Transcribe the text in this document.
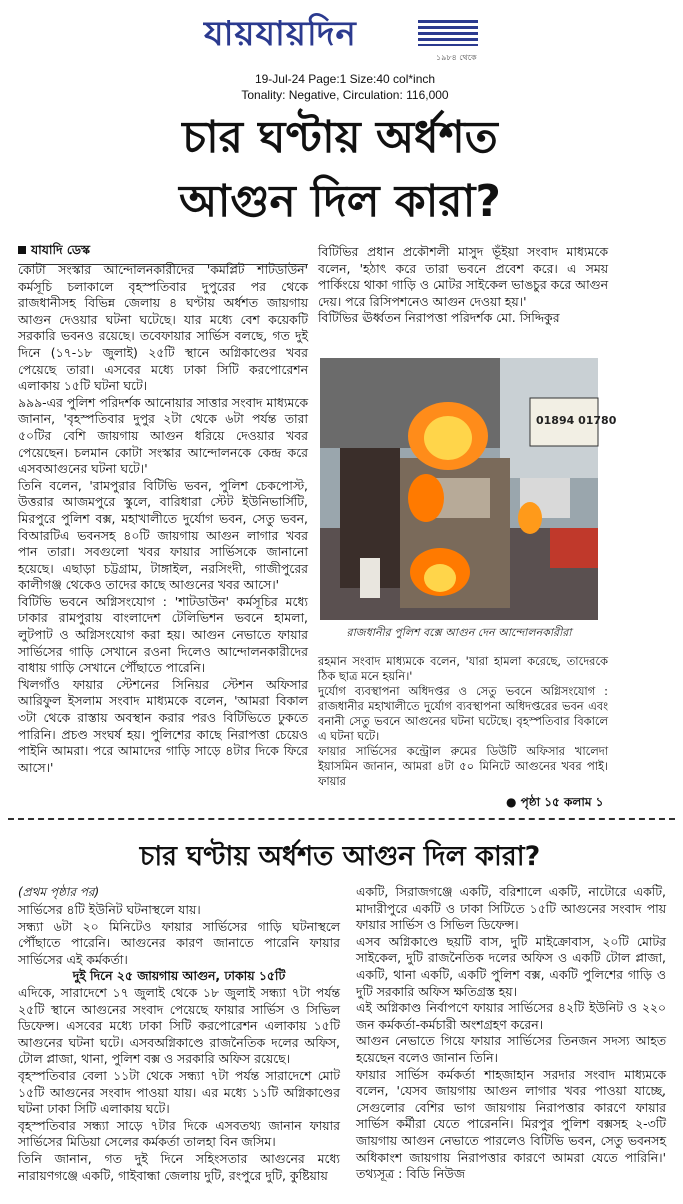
যায়যায়দিন
১৯৮৪ থেকে
19-Jul-24 Page:1 Size:40 col*inch
Tonality: Negative, Circulation: 116,000
চার ঘণ্টায় অর্ধশত
আগুন দিল কারা?
যাযাদি ডেস্ক

কোটা সংস্কার আন্দোলনকারীদের 'কমপ্লিট শাটডাউন' কর্মসূচি চলাকালে বৃহস্পতিবার দুপুরের পর থেকে রাজধানীসহ বিভিন্ন জেলায় ৪ ঘণ্টায় অর্ধশত জায়গায় আগুন দেওয়ার ঘটনা ঘটেছে। যার মধ্যে বেশ কয়েকটি সরকারি ভবনও রয়েছে। তবেফায়ার সার্ভিস বলছে, গত দুই দিনে (১৭-১৮ জুলাই) ২৫টি স্থানে অগ্নিকাণ্ডের খবর পেয়েছে তারা। এসবের মধ্যে ঢাকা সিটি করপোরেশন এলাকায় ১৫টি ঘটনা ঘটে।

৯৯৯-এর পুলিশ পরিদর্শক আনোয়ার সাত্তার সংবাদ মাধ্যমকে জানান, 'বৃহস্পতিবার দুপুর ২টা থেকে ৬টা পর্যন্ত তারা ৫০টির বেশি জায়গায় আগুন ধরিয়ে দেওয়ার খবর পেয়েছেন। চলমান কোটা সংস্কার আন্দোলনকে কেন্দ্র করে এসবআগুনের ঘটনা ঘটে।'

তিনি বলেন, 'রামপুরার বিটিভি ভবন, পুলিশ চেকপোস্ট, উত্তরার আজমপুরে স্কুলে, বারিধারা স্টেট ইউনিভার্সিটি, মিরপুরে পুলিশ বক্স, মহাখালীতে দুর্যোগ ভবন, সেতু ভবন, বিআরটিএ ভবনসহ ৪০টি জায়গায় আগুন লাগার খবর পান তারা। সবগুলো খবর ফায়ার সার্ভিসকে জানানো হয়েছে। এছাড়া চট্টগ্রাম, টাঙ্গাইল, নরসিংদী, গাজীপুরের কালীগঞ্জ থেকেও তাদের কাছে আগুনের খবর আসে।'

বিটিভি ভবনে অগ্নিসংযোগ : 'শাটডাউন' কর্মসূচির মধ্যে ঢাকার রামপুরায় বাংলাদেশ টেলিভিশন ভবনে হামলা, লুটপাট ও অগ্নিসংযোগ করা হয়। আগুন নেভাতে ফায়ার সার্ভিসের গাড়ি সেখানে রওনা দিলেও আন্দোলনকারীদের বাধায় গাড়ি সেখানে পৌঁছাতে পারেনি।

খিলগাঁও ফায়ার স্টেশনের সিনিয়র স্টেশন অফিসার আরিফুল ইসলাম সংবাদ মাধ্যমকে বলেন, 'আমরা বিকাল ৩টা থেকে রাস্তায় অবস্থান করার পরও বিটিভিতে ঢুকতে পারিনি। প্রচণ্ড সংঘর্ষ হয়। পুলিশের কাছে নিরাপত্তা চেয়েও পাইনি আমরা। পরে আমাদের গাড়ি সাড়ে ৪টার দিকে ফিরে আসে।'

বিটিভির প্রধান প্রকৌশলী মাসুদ ভূঁইয়া সংবাদ মাধ্যমকে বলেন, 'হঠাৎ করে তারা ভবনে প্রবেশ করে। এ সময় পার্কিংয়ে থাকা গাড়ি ও মোটর সাইকেল ভাঙচুর করে আগুন দেয়। পরে রিসিপশনেও আগুন দেওয়া হয়।'

বিটিভির ঊর্ধ্বতন নিরাপত্তা পরিদর্শক মো. সিদ্দিকুর

01894 01780
রাজধানীর পুলিশ বক্সে আগুন দেন আন্দোলনকারীরা

রহমান সংবাদ মাধ্যমকে বলেন, 'যারা হামলা করেছে, তাদেরকে ঠিক ছাত্র মনে হয়নি।'

দুর্যোগ ব্যবস্থাপনা অধিদপ্তর ও সেতু ভবনে অগ্নিসংযোগ : রাজধানীর মহাখালীতে দুর্যোগ ব্যবস্থাপনা অধিদপ্তরের ভবন এবং বনানী সেতু ভবনে আগুনের ঘটনা ঘটেছে। বৃহস্পতিবার বিকালে এ ঘটনা ঘটে।

ফায়ার সার্ভিসের কন্ট্রোল রুমের ডিউটি অফিসার খালেদা ইয়াসমিন জানান, আমরা ৪টা ৫০ মিনিটে আগুনের খবর পাই। ফায়ার

● পৃষ্ঠা ১৫ কলাম ১
চার ঘণ্টায় অর্ধশত আগুন দিল কারা?
(প্রথম পৃষ্ঠার পর)

সার্ভিসের ৪টি ইউনিট ঘটনাস্থলে যায়।

সন্ধ্যা ৬টা ২০ মিনিটেও ফায়ার সার্ভিসের গাড়ি ঘটনাস্থলে পৌঁছাতে পারেনি। আগুনের কারণ জানাতে পারেনি ফায়ার সার্ভিসের এই কর্মকর্তা।

দুই দিনে ২৫ জায়গায় আগুন, ঢাকায় ১৫টি

এদিকে, সারাদেশে ১৭ জুলাই থেকে ১৮ জুলাই সন্ধ্যা ৭টা পর্যন্ত ২৫টি স্থানে আগুনের সংবাদ পেয়েছে ফায়ার সার্ভিস ও সিভিল ডিফেন্স। এসবের মধ্যে ঢাকা সিটি করপোরেশন এলাকায় ১৫টি আগুনের ঘটনা ঘটে। এসবঅগ্নিকাণ্ডে রাজনৈতিক দলের অফিস, টোল প্লাজা, থানা, পুলিশ বক্স ও সরকারি অফিস রয়েছে।

বৃহস্পতিবার বেলা ১১টা থেকে সন্ধ্যা ৭টা পর্যন্ত সারাদেশে মোট ১৫টি আগুনের সংবাদ পাওয়া যায়। এর মধ্যে ১১টি অগ্নিকাণ্ডের ঘটনা ঢাকা সিটি এলাকায় ঘটে।

বৃহস্পতিবার সন্ধ্যা সাড়ে ৭টার দিকে এসবতথ্য জানান ফায়ার সার্ভিসের মিডিয়া সেলের কর্মকর্তা তালহা বিন জসিম।

তিনি জানান, গত দুই দিনে সহিংসতার আগুনের মধ্যে নারায়ণগঞ্জে একটি, গাইবান্ধা জেলায় দুটি, রংপুরে দুটি, কুষ্টিয়ায়

একটি, সিরাজগঞ্জে একটি, বরিশালে একটি, নাটোরে একটি, মাদারীপুরে একটি ও ঢাকা সিটিতে ১৫টি আগুনের সংবাদ পায় ফায়ার সার্ভিস ও সিভিল ডিফেন্স।

এসব অগ্নিকাণ্ডে ছয়টি বাস, দুটি মাইক্রোবাস, ২০টি মোটর সাইকেল, দুটি রাজনৈতিক দলের অফিস ও একটি টোল প্লাজা, একটি, থানা একটি, একটি পুলিশ বক্স, একটি পুলিশের গাড়ি ও দুটি সরকারি অফিস ক্ষতিগ্রস্ত হয়।

এই অগ্নিকাণ্ড নির্বাপণে ফায়ার সার্ভিসের ৪২টি ইউনিট ও ২২০ জন কর্মকর্তা-কর্মচারী অংশগ্রহণ করেন।

আগুন নেভাতে গিয়ে ফায়ার সার্ভিসের তিনজন সদস্য আহত হয়েছেন বলেও জানান তিনি।

ফায়ার সার্ভিস কর্মকর্তা শাহজাহান সরদার সংবাদ মাধ্যমকে বলেন, 'যেসব জায়গায় আগুন লাগার খবর পাওয়া যাচ্ছে, সেগুলোর বেশির ভাগ জায়গায় নিরাপত্তার কারণে ফায়ার সার্ভিস কর্মীরা যেতে পারেননি। মিরপুর পুলিশ বক্সসহ ২-৩টি জায়গায় আগুন নেভাতে পারলেও বিটিভি ভবন, সেতু ভবনসহ অধিকাংশ জায়গায় নিরাপত্তার কারণে আমরা যেতে পারিনি।' তথ্যসূত্র : বিডি নিউজ
